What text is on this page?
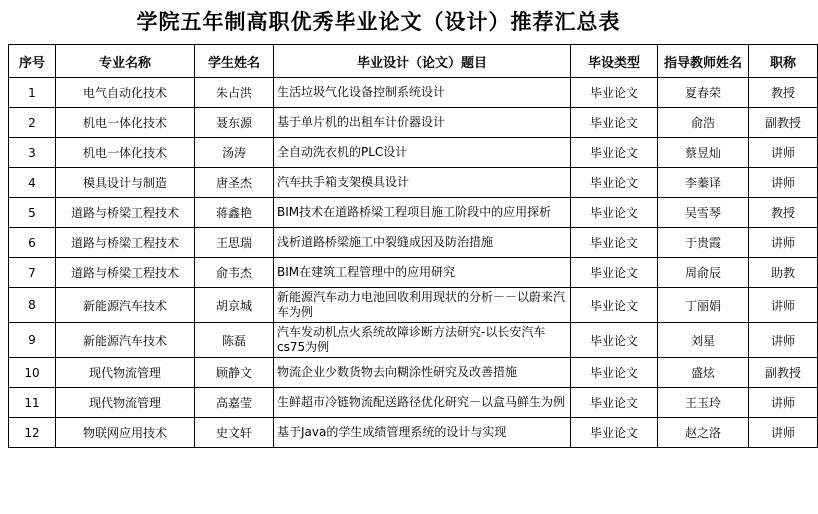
学院五年制高职优秀毕业论文（设计）推荐汇总表
序号	专业名称	学生姓名	毕业设计（论文）题目	毕设类型	指导教师姓名	职称
1	电气自动化技术	朱占洪	生活垃圾气化设备控制系统设计	毕业论文	夏春荣	教授
2	机电一体化技术	聂东源	基于单片机的出租车计价器设计	毕业论文	俞浩	副教授
3	机电一体化技术	汤涛	全自动洗衣机的PLC设计	毕业论文	蔡昱灿	讲师
4	模具设计与制造	唐圣杰	汽车扶手箱支架模具设计	毕业论文	李蓁译	讲师
5	道路与桥梁工程技术	蒋鑫艳	BIM技术在道路桥梁工程项目施工阶段中的应用探析	毕业论文	吴雪琴	教授
6	道路与桥梁工程技术	王思瑞	浅析道路桥梁施工中裂缝成因及防治措施	毕业论文	于贵霞	讲师
7	道路与桥梁工程技术	俞韦杰	BIM在建筑工程管理中的应用研究	毕业论文	周俞辰	助教
8	新能源汽车技术	胡京城	新能源汽车动力电池回收利用现状的分析－－以蔚来汽车为例	毕业论文	丁丽娟	讲师
9	新能源汽车技术	陈磊	汽车发动机点火系统故障诊断方法研究-以长安汽车cs75为例	毕业论文	刘星	讲师
10	现代物流管理	顾静文	物流企业少数货物去向糊涂性研究及改善措施	毕业论文	盛炫	副教授
11	现代物流管理	高嘉莹	生鲜超市冷链物流配送路径优化研究－以盒马鲜生为例	毕业论文	王玉玲	讲师
12	物联网应用技术	史文轩	基于Java的学生成绩管理系统的设计与实现	毕业论文	赵之洛	讲师
